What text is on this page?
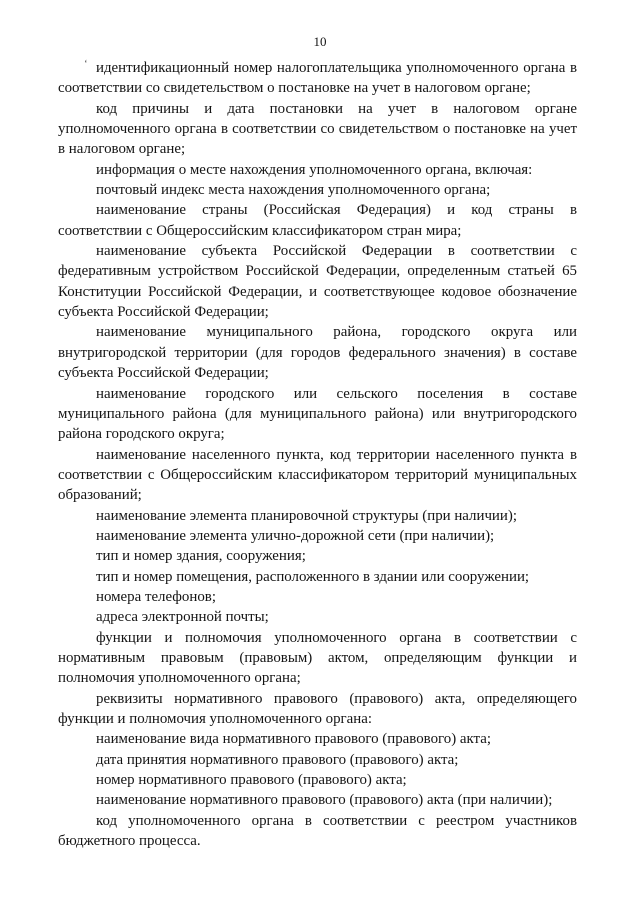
10
‘ идентификационный номер налогоплательщика уполномоченного органа в соответствии со свидетельством о постановке на учет в налоговом органе;

код причины и дата постановки на учет в налоговом органе уполномоченного органа в соответствии со свидетельством о постановке на учет в налоговом органе;

информация о месте нахождения уполномоченного органа, включая:

почтовый индекс места нахождения уполномоченного органа;

наименование страны (Российская Федерация) и код страны в соответствии с Общероссийским классификатором стран мира;

наименование субъекта Российской Федерации в соответствии с федеративным устройством Российской Федерации, определенным статьей 65 Конституции Российской Федерации, и соответствующее кодовое обозначение субъекта Российской Федерации;

наименование муниципального района, городского округа или внутригородской территории (для городов федерального значения) в составе субъекта Российской Федерации;

наименование городского или сельского поселения в составе муниципального района (для муниципального района) или внутригородского района городского округа;

наименование населенного пункта, код территории населенного пункта в соответствии с Общероссийским классификатором территорий муниципальных образований;

наименование элемента планировочной структуры (при наличии);

наименование элемента улично-дорожной сети (при наличии);

тип и номер здания, сооружения;

тип и номер помещения, расположенного в здании или сооружении;

номера телефонов;

адреса электронной почты;

функции и полномочия уполномоченного органа в соответствии с нормативным правовым (правовым) актом, определяющим функции и полномочия уполномоченного органа;

реквизиты нормативного правового (правового) акта, определяющего функции и полномочия уполномоченного органа:

наименование вида нормативного правового (правового) акта;

дата принятия нормативного правового (правового) акта;

номер нормативного правового (правового) акта;

наименование нормативного правового (правового) акта (при наличии);

код уполномоченного органа в соответствии с реестром участников бюджетного процесса.
